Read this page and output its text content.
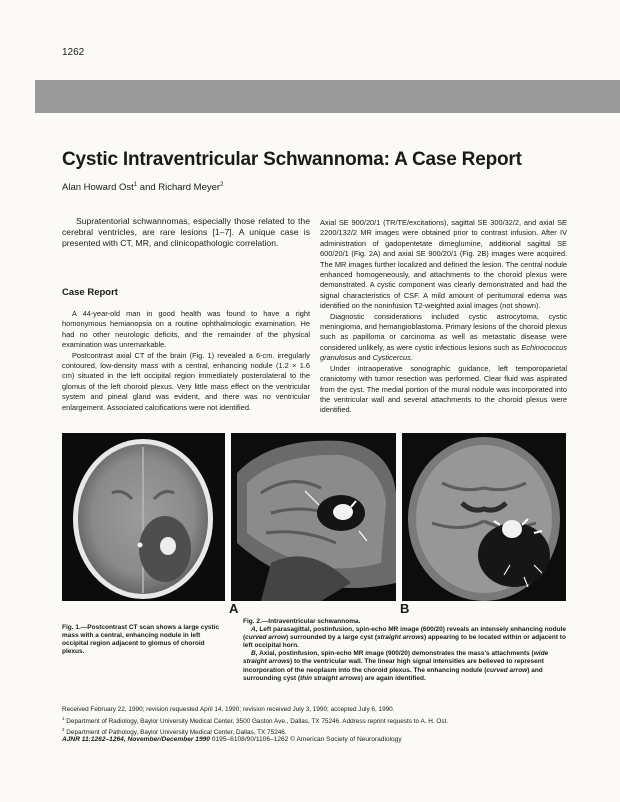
1262
Cystic Intraventricular Schwannoma: A Case Report
Alan Howard Ost$^1$ and Richard Meyer$^2$

Supratentorial schwannomas, especially those related to the cerebral ventricles, are rare lesions [1–7]. A unique case is presented with CT, MR, and clinicopathologic correlation.

Case Report

A 44-year-old man in good health was found to have a right homonymous hemianopsia on a routine ophthalmologic examination. He had no other neurologic deficits, and the remainder of the physical examination was unremarkable.

Postcontrast axial CT of the brain (Fig. 1) revealed a 6-cm. irregularly contoured, low-density mass with a central, enhancing nodule (1.2 × 1.6 cm) situated in the left occipital region immediately posterolateral to the glomus of the left choroid plexus. Very little mass effect on the ventricular system and pineal gland was evident, and there was no ventricular enlargement. Associated calcifications were not identified.

Axial SE 900/20/1 (TR/TE/excitations), sagittal SE 300/32/2, and axial SE 2200/132/2 MR images were obtained prior to contrast infusion. After IV administration of gadopentetate dimeglumine, additional sagittal SE 600/20/1 (Fig. 2A) and axial SE 900/20/1 (Fig. 2B) images were acquired. The MR images further localized and defined the lesion. The central nodule enhanced homogeneously, and attachments to the choroid plexus were demonstrated. A cystic component was clearly demonstrated and had the signal characteristics of CSF. A mild amount of peritumoral edema was identified on the noninfusion T2-weighted axial images (not shown).

Diagnostic considerations included cystic astrocytoma, cystic meningioma, and hemangioblastoma. Primary lesions of the choroid plexus such as papilloma or carcinoma as well as metastatic disease were considered unlikely, as were cystic infectious lesions such as Echinococcus granulosus and Cysticercus.

Under intraoperative sonographic guidance, left temporoparietal craniotomy with tumor resection was performed. Clear fluid was aspirated from the cyst. The medial portion of the mural nodule was incorporated into the ventricular wall and several attachments to the choroid plexus were identified.

A	B

Fig. 1.—Postcontrast CT scan shows a large cystic mass with a central, enhancing nodule in left occipital region adjacent to glomus of choroid plexus.

Fig. 2.—Intraventricular schwannoma.

A, Left parasagittal, postinfusion, spin-echo MR image (600/20) reveals an intensely enhancing nodule (curved arrow) surrounded by a large cyst (straight arrows) appearing to be located within or adjacent to left occipital horn.

B, Axial, postinfusion, spin-echo MR image (900/20) demonstrates the mass's attachments (wide straight arrows) to the ventricular wall. The linear high signal intensities are believed to represent incorporation of the neoplasm into the choroid plexus. The enhancing nodule (curved arrow) and surrounding cyst (thin straight arrows) are again identified.

Received February 22, 1990; revision requested April 14, 1990; revision received July 3, 1990; accepted July 6, 1990.

$^1$ Department of Radiology, Baylor University Medical Center, 3500 Gaston Ave., Dallas, TX 75246. Address reprint requests to A. H. Ost.

$^2$ Department of Pathology, Baylor University Medical Center, Dallas, TX 75246.

AJNR 11:1262–1264, November/December 1990 0195–6108/90/1106–1262 © American Society of Neuroradiology
